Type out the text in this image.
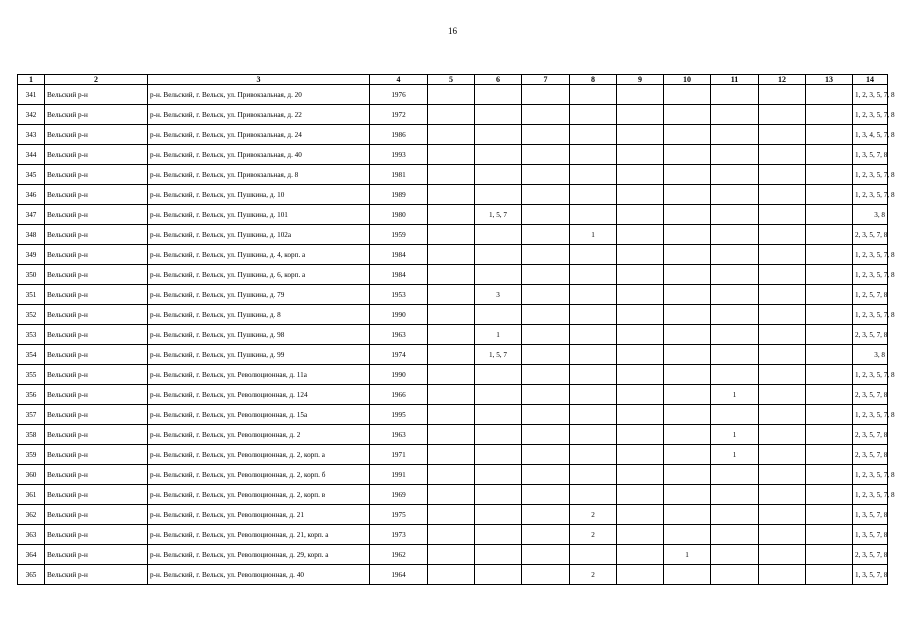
16
1	2	3	4	5	6	7	8	9	10	11	12	13	14
341	Вельский р-н	р-н. Вельский, г. Вельск, ул. Привокзальная, д. 20	1976										1, 2, 3, 5, 7, 8
342	Вельский р-н	р-н. Вельский, г. Вельск, ул. Привокзальная, д. 22	1972										1, 2, 3, 5, 7, 8
343	Вельский р-н	р-н. Вельский, г. Вельск, ул. Привокзальная, д. 24	1986										1, 3, 4, 5, 7, 8
344	Вельский р-н	р-н. Вельский, г. Вельск, ул. Привокзальная, д. 40	1993										1, 3, 5, 7, 8
345	Вельский р-н	р-н. Вельский, г. Вельск, ул. Привокзальная, д. 8	1981										1, 2, 3, 5, 7, 8
346	Вельский р-н	р-н. Вельский, г. Вельск, ул. Пушкина, д. 10	1989										1, 2, 3, 5, 7, 8
347	Вельский р-н	р-н. Вельский, г. Вельск, ул. Пушкина, д. 101	1980		1, 5, 7								3, 8
348	Вельский р-н	р-н. Вельский, г. Вельск, ул. Пушкина, д. 102а	1959				1						2, 3, 5, 7, 8
349	Вельский р-н	р-н. Вельский, г. Вельск, ул. Пушкина, д. 4, корп. а	1984										1, 2, 3, 5, 7, 8
350	Вельский р-н	р-н. Вельский, г. Вельск, ул. Пушкина, д. 6, корп. а	1984										1, 2, 3, 5, 7, 8
351	Вельский р-н	р-н. Вельский, г. Вельск, ул. Пушкина, д. 79	1953		3								1, 2, 5, 7, 8
352	Вельский р-н	р-н. Вельский, г. Вельск, ул. Пушкина, д. 8	1990										1, 2, 3, 5, 7, 8
353	Вельский р-н	р-н. Вельский, г. Вельск, ул. Пушкина, д. 98	1963		1								2, 3, 5, 7, 8
354	Вельский р-н	р-н. Вельский, г. Вельск, ул. Пушкина, д. 99	1974		1, 5, 7								3, 8
355	Вельский р-н	р-н. Вельский, г. Вельск, ул. Революционная, д. 11а	1990										1, 2, 3, 5, 7, 8
356	Вельский р-н	р-н. Вельский, г. Вельск, ул. Революционная, д. 124	1966							1			2, 3, 5, 7, 8
357	Вельский р-н	р-н. Вельский, г. Вельск, ул. Революционная, д. 15а	1995										1, 2, 3, 5, 7, 8
358	Вельский р-н	р-н. Вельский, г. Вельск, ул. Революционная, д. 2	1963							1			2, 3, 5, 7, 8
359	Вельский р-н	р-н. Вельский, г. Вельск, ул. Революционная, д. 2, корп. а	1971							1			2, 3, 5, 7, 8
360	Вельский р-н	р-н. Вельский, г. Вельск, ул. Революционная, д. 2, корп. б	1991										1, 2, 3, 5, 7, 8
361	Вельский р-н	р-н. Вельский, г. Вельск, ул. Революционная, д. 2, корп. в	1969										1, 2, 3, 5, 7, 8
362	Вельский р-н	р-н. Вельский, г. Вельск, ул. Революционная, д. 21	1975				2						1, 3, 5, 7, 8
363	Вельский р-н	р-н. Вельский, г. Вельск, ул. Революционная, д. 21, корп. а	1973				2						1, 3, 5, 7, 8
364	Вельский р-н	р-н. Вельский, г. Вельск, ул. Революционная, д. 29, корп. а	1962						1				2, 3, 5, 7, 8
365	Вельский р-н	р-н. Вельский, г. Вельск, ул. Революционная, д. 40	1964				2						1, 3, 5, 7, 8
